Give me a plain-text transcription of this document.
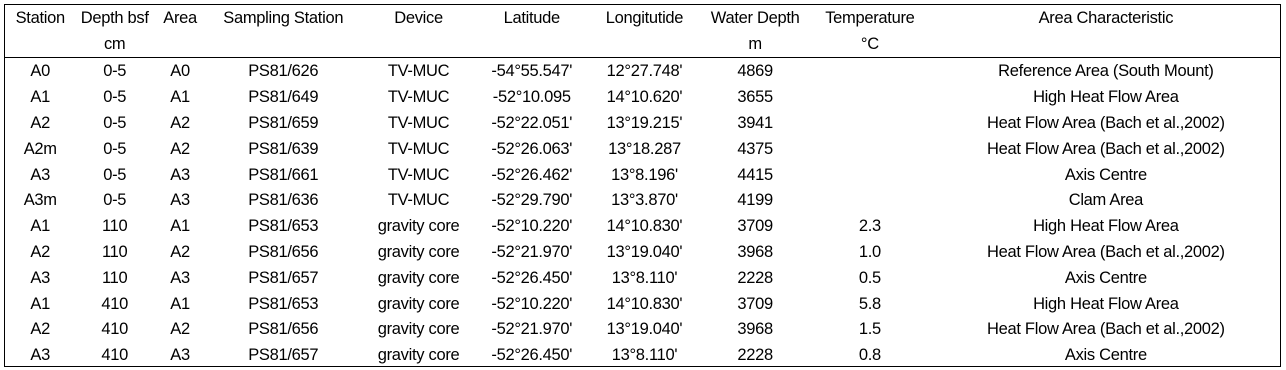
Station	Depth bsf	Area	Sampling Station	Device	Latitude	Longitutide	Water Depth	Temperature	Area Characteristic
	cm						m	°C	
A0	0-5	A0	PS81/626	TV-MUC	-54°55.547'	12°27.748'	4869		Reference Area (South Mount)
A1	0-5	A1	PS81/649	TV-MUC	-52°10.095	14°10.620'	3655		High Heat Flow Area
A2	0-5	A2	PS81/659	TV-MUC	-52°22.051'	13°19.215'	3941		Heat Flow Area (Bach et al.,2002)
A2m	0-5	A2	PS81/639	TV-MUC	-52°26.063'	13°18.287	4375		Heat Flow Area (Bach et al.,2002)
A3	0-5	A3	PS81/661	TV-MUC	-52°26.462'	13°8.196'	4415		Axis Centre
A3m	0-5	A3	PS81/636	TV-MUC	-52°29.790'	13°3.870'	4199		Clam Area
A1	110	A1	PS81/653	gravity core	-52°10.220'	14°10.830'	3709	2.3	High Heat Flow Area
A2	110	A2	PS81/656	gravity core	-52°21.970'	13°19.040'	3968	1.0	Heat Flow Area (Bach et al.,2002)
A3	110	A3	PS81/657	gravity core	-52°26.450'	13°8.110'	2228	0.5	Axis Centre
A1	410	A1	PS81/653	gravity core	-52°10.220'	14°10.830'	3709	5.8	High Heat Flow Area
A2	410	A2	PS81/656	gravity core	-52°21.970'	13°19.040'	3968	1.5	Heat Flow Area (Bach et al.,2002)
A3	410	A3	PS81/657	gravity core	-52°26.450'	13°8.110'	2228	0.8	Axis Centre
